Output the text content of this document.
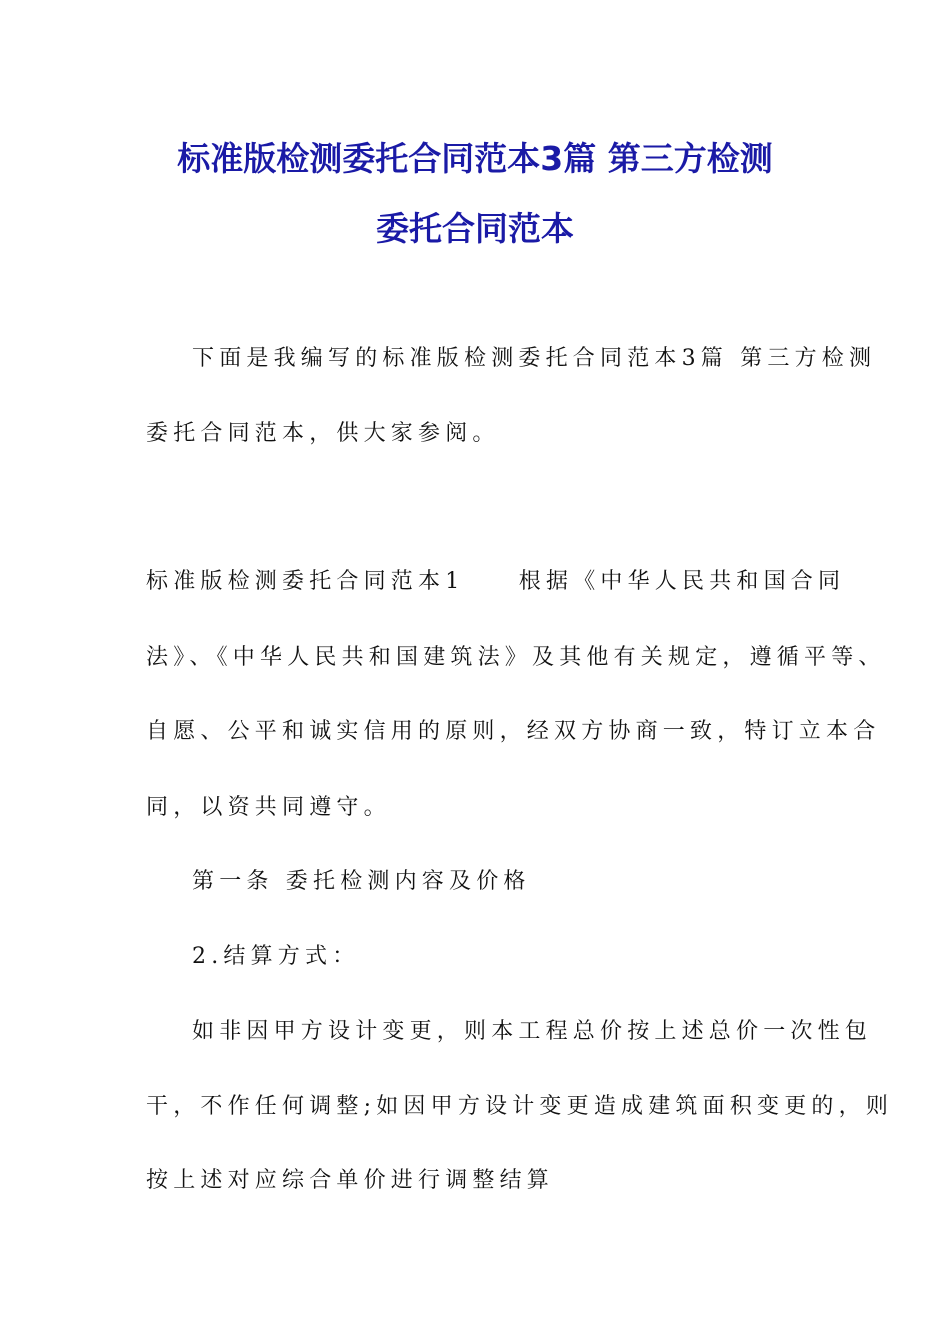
标准版检测委托合同范本3篇 第三方检测
委托合同范本
下面是我编写的标准版检测委托合同范本3篇 第三方检测
委托合同范本，供大家参阅。
标准版检测委托合同范本1　　根据《中华人民共和国合同
法》、《中华人民共和国建筑法》及其他有关规定，遵循平等、
自愿、公平和诚实信用的原则，经双方协商一致，特订立本合
同，以资共同遵守。
第一条 委托检测内容及价格
2.结算方式：
如非因甲方设计变更，则本工程总价按上述总价一次性包
干，不作任何调整;如因甲方设计变更造成建筑面积变更的，则
按上述对应综合单价进行调整结算
